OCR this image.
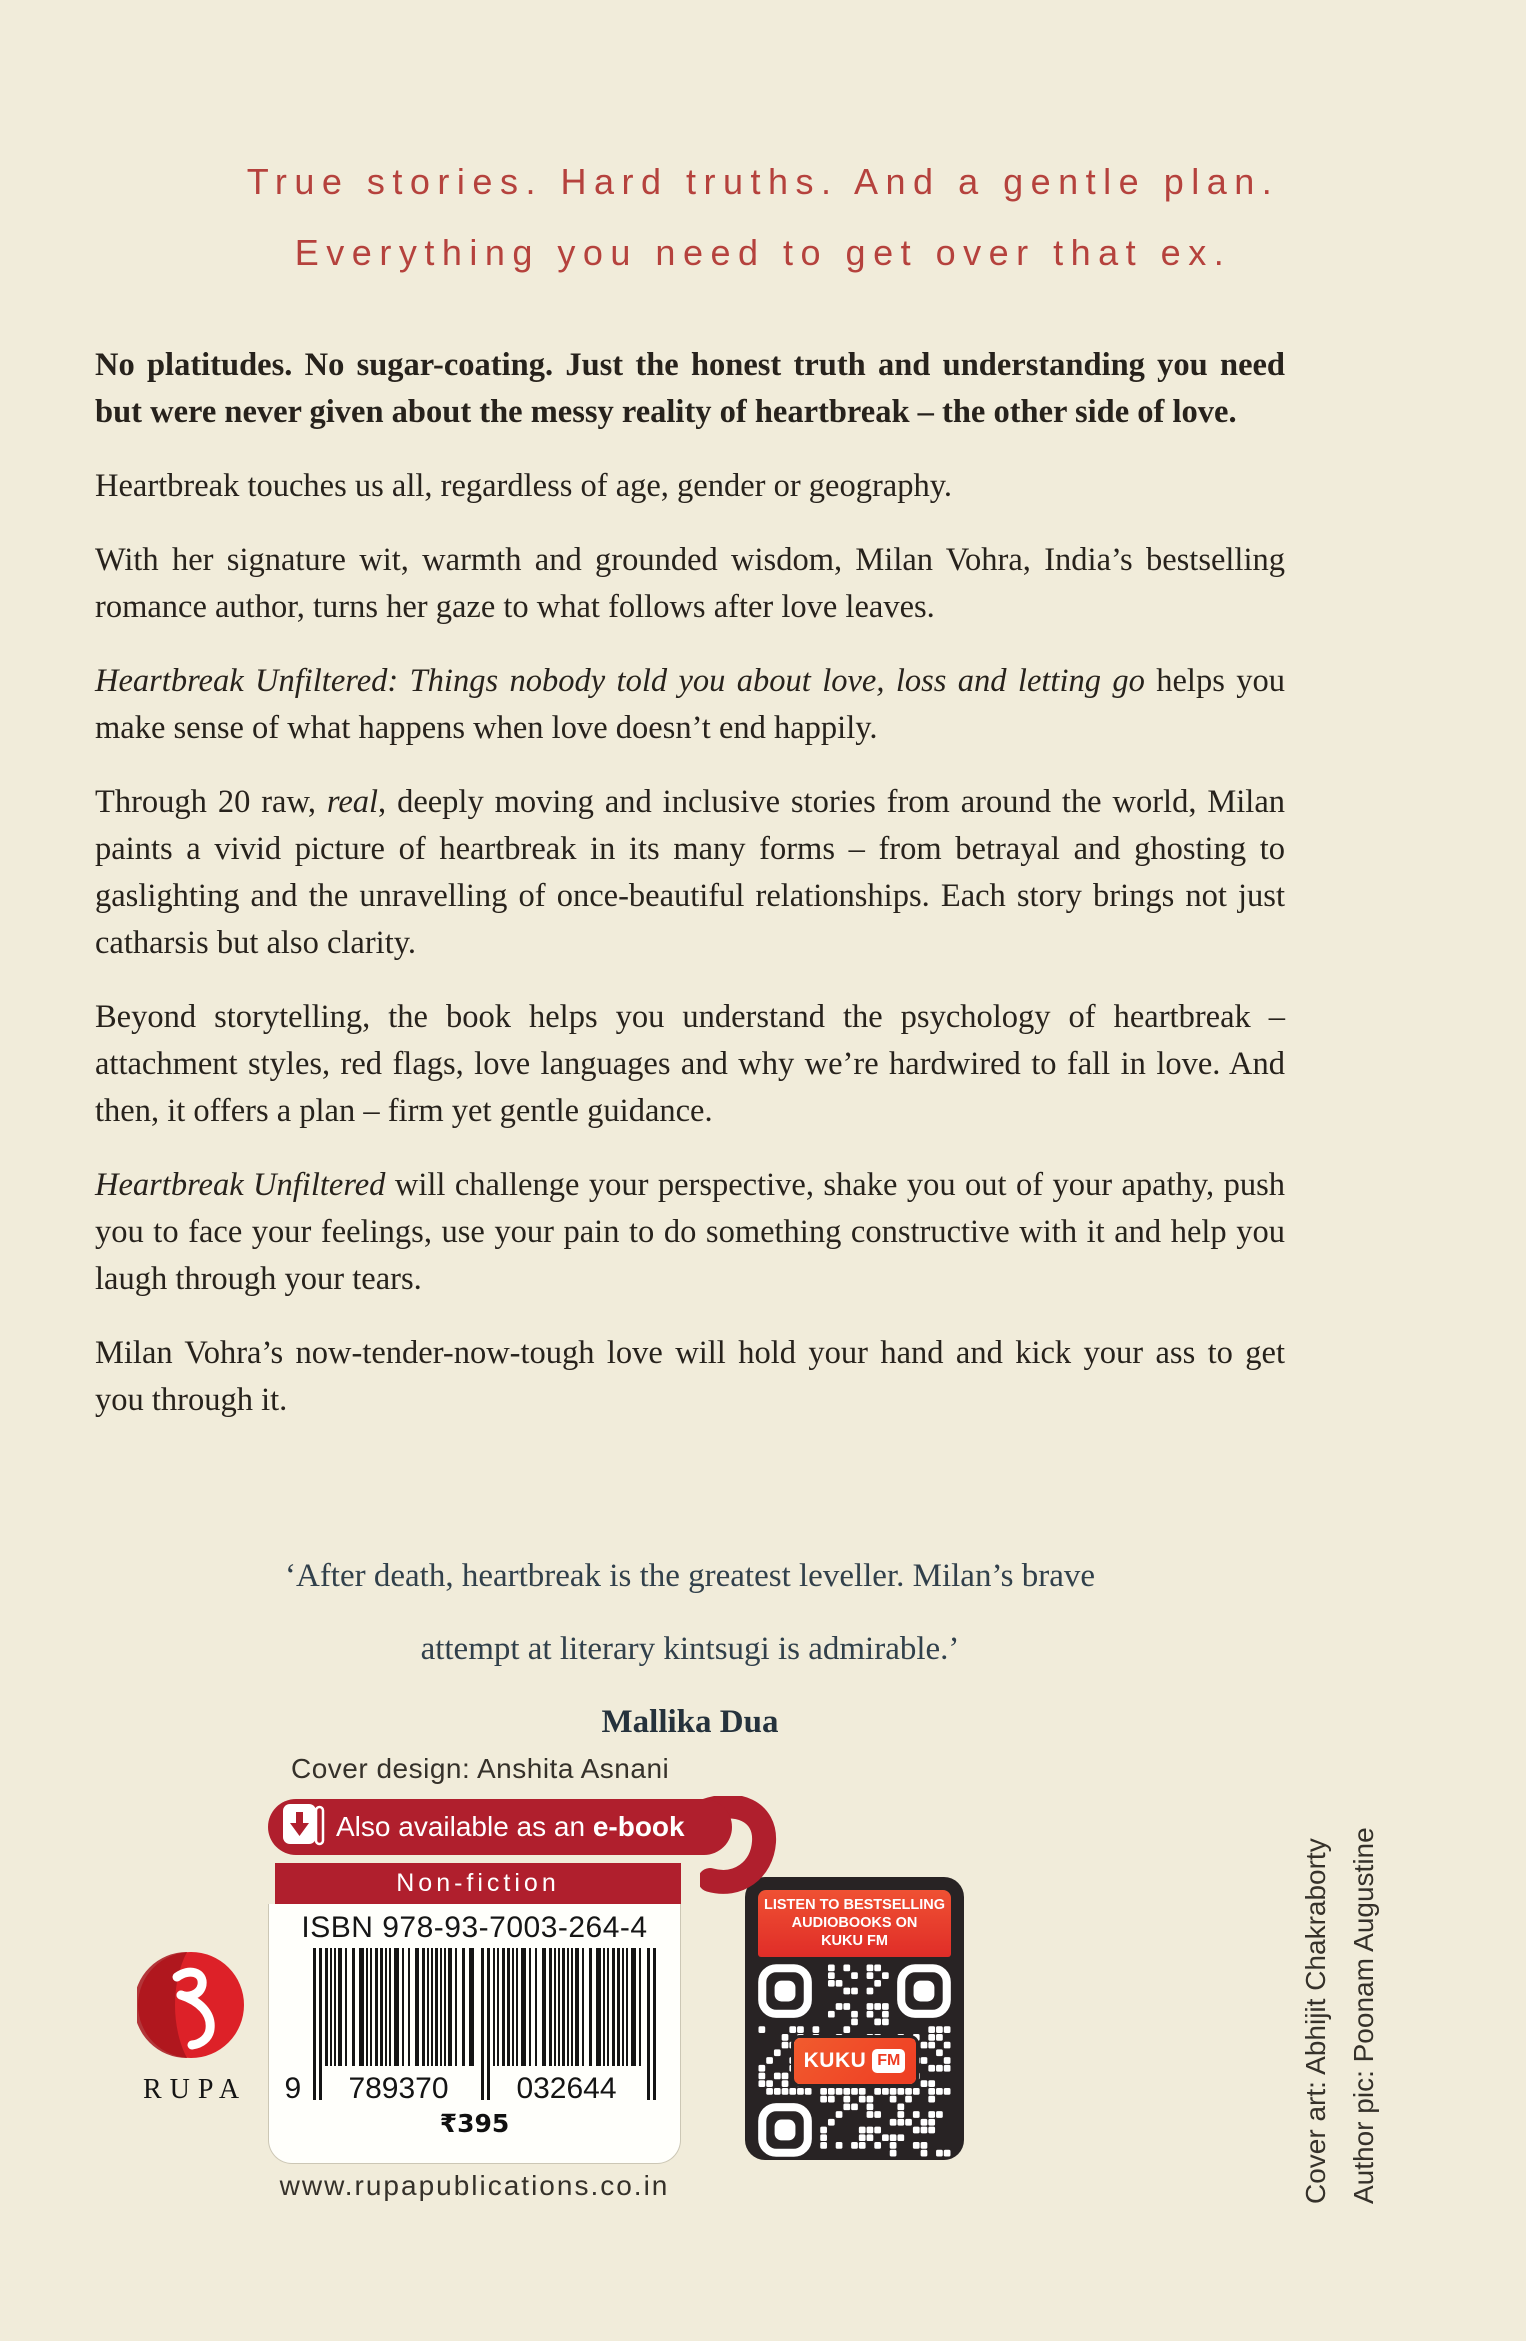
True stories. Hard truths. And a gentle plan.
Everything you need to get over that ex.

No platitudes. No sugar-coating. Just the honest truth and understanding you need but were never given about the messy reality of heartbreak – the other side of love.

Heartbreak touches us all, regardless of age, gender or geography.

With her signature wit, warmth and grounded wisdom, Milan Vohra, India’s bestselling romance author, turns her gaze to what follows after love leaves.

Heartbreak Unfiltered: Things nobody told you about love, loss and letting go helps you make sense of what happens when love doesn’t end happily.

Through 20 raw, real, deeply moving and inclusive stories from around the world, Milan paints a vivid picture of heartbreak in its many forms – from betrayal and ghosting to gaslighting and the unravelling of once-beautiful relationships. Each story brings not just catharsis but also clarity.

Beyond storytelling, the book helps you understand the psychology of heartbreak – attachment styles, red flags, love languages and why we’re hardwired to fall in love. And then, it offers a plan – firm yet gentle guidance.

Heartbreak Unfiltered will challenge your perspective, shake you out of your apathy, push you to face your feelings, use your pain to do something constructive with it and help you laugh through your tears.

Milan Vohra’s now-tender-now-tough love will hold your hand and kick your ass to get you through it.

‘After death, heartbreak is the greatest leveller. Milan’s brave
attempt at literary kintsugi is admirable.’
Mallika Dua
Cover design: Anshita Asnani
Also available as an e-book
Non-fiction
ISBN 978-93-7003-264-4
9	789370	032644
₹395
www.rupapublications.co.in
RUPA
LISTEN TO BESTSELLING
AUDIOBOOKS ON
KUKU FM
KUKU FM	Cover art: Abhijit Chakraborty Author pic: Poonam Augustine
